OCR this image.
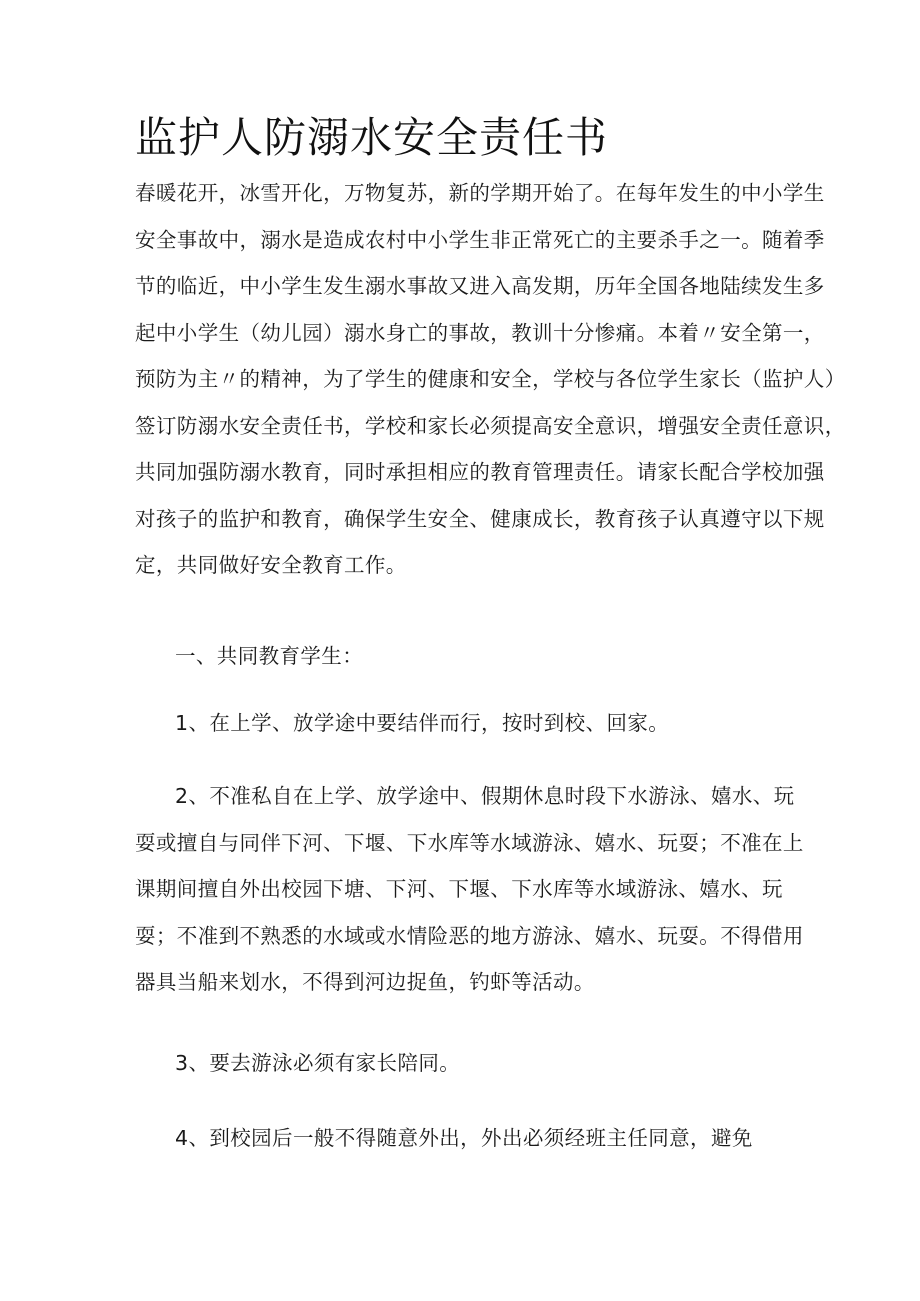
监护人防溺水安全责任书
春暖花开，冰雪开化，万物复苏，新的学期开始了。在每年发生的中小学生
安全事故中，溺水是造成农村中小学生非正常死亡的主要杀手之一。随着季
节的临近，中小学生发生溺水事故又进入高发期，历年全国各地陆续发生多
起中小学生（幼儿园）溺水身亡的事故，教训十分惨痛。本着〃安全第一，
预防为主〃的精神，为了学生的健康和安全，学校与各位学生家长（监护人）
签订防溺水安全责任书，学校和家长必须提高安全意识，增强安全责任意识，
共同加强防溺水教育，同时承担相应的教育管理责任。请家长配合学校加强
对孩子的监护和教育，确保学生安全、健康成长，教育孩子认真遵守以下规
定，共同做好安全教育工作。

一、共同教育学生：

1、在上学、放学途中要结伴而行，按时到校、回家。

2、不准私自在上学、放学途中、假期休息时段下水游泳、嬉水、玩
耍或擅自与同伴下河、下堰、下水库等水域游泳、嬉水、玩耍；不准在上
课期间擅自外出校园下塘、下河、下堰、下水库等水域游泳、嬉水、玩
耍；不准到不熟悉的水域或水情险恶的地方游泳、嬉水、玩耍。不得借用
器具当船来划水，不得到河边捉鱼，钓虾等活动。

3、要去游泳必须有家长陪同。

4、到校园后一般不得随意外出，外出必须经班主任同意，避免
